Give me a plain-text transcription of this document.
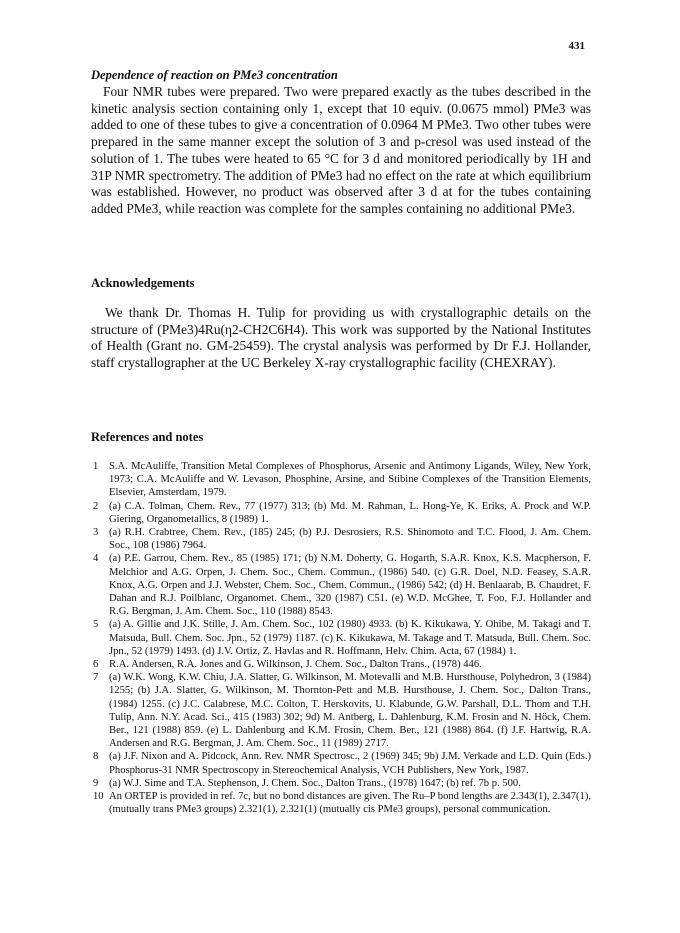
431
Dependence of reaction on PMe3 concentration

Four NMR tubes were prepared. Two were prepared exactly as the tubes described in the kinetic analysis section containing only 1, except that 10 equiv. (0.0675 mmol) PMe3 was added to one of these tubes to give a concentration of 0.0964 M PMe3. Two other tubes were prepared in the same manner except the solution of 3 and p-cresol was used instead of the solution of 1. The tubes were heated to 65 °C for 3 d and monitored periodically by 1H and 31P NMR spectrometry. The addition of PMe3 had no effect on the rate at which equilibrium was established. However, no product was observed after 3 d at for the tubes containing added PMe3, while reaction was complete for the samples containing no additional PMe3.

Acknowledgements

We thank Dr. Thomas H. Tulip for providing us with crystallographic details on the structure of (PMe3)4Ru(η2-CH2C6H4). This work was supported by the National Institutes of Health (Grant no. GM-25459). The crystal analysis was performed by Dr F.J. Hollander, staff crystallographer at the UC Berkeley X-ray crystallographic facility (CHEXRAY).

References and notes
1 S.A. McAuliffe, Transition Metal Complexes of Phosphorus, Arsenic and Antimony Ligands, Wiley, New York, 1973; C.A. McAuliffe and W. Levason, Phosphine, Arsine, and Stibine Complexes of the Transition Elements, Elsevier, Amsterdam, 1979.
2 (a) C.A. Tolman, Chem. Rev., 77 (1977) 313; (b) Md. M. Rahman, L. Hong-Ye, K. Eriks, A. Prock and W.P. Giering, Organometallics, 8 (1989) 1.
3 (a) R.H. Crabtree, Chem. Rev., (185) 245; (b) P.J. Desrosiers, R.S. Shinomoto and T.C. Flood, J. Am. Chem. Soc., 108 (1986) 7964.
4 (a) P.E. Garrou, Chem. Rev., 85 (1985) 171; (b) N.M. Doherty, G. Hogarth, S.A.R. Knox, K.S. Macpherson, F. Melchior and A.G. Orpen, J. Chem. Soc., Chem. Commun., (1986) 540. (c) G.R. Doel, N.D. Feasey, S.A.R. Knox, A.G. Orpen and J.J. Webster, Chem. Soc., Chem. Commun., (1986) 542; (d) H. Benlaarab, B. Chaudret, F. Dahan and R.J. Poilblanc, Organomet. Chem., 320 (1987) C51. (e) W.D. McGhee, T. Foo, F.J. Hollander and R.G. Bergman, J. Am. Chem. Soc., 110 (1988) 8543.
5 (a) A. Gillie and J.K. Stille, J. Am. Chem. Soc., 102 (1980) 4933. (b) K. Kikukawa, Y. Ohibe, M. Takagi and T. Matsuda, Bull. Chem. Soc. Jpn., 52 (1979) 1187. (c) K. Kikukawa, M. Takage and T. Matsuda, Bull. Chem. Soc. Jpn., 52 (1979) 1493. (d) J.V. Ortiz, Z. Havlas and R. Hoffmann, Helv. Chim. Acta, 67 (1984) 1.
6 R.A. Andersen, R.A. Jones and G. Wilkinson, J. Chem. Soc., Dalton Trans., (1978) 446.
7 (a) W.K. Wong, K.W. Chiu, J.A. Slatter, G. Wilkinson, M. Motevalli and M.B. Hursthouse, Polyhedron, 3 (1984) 1255; (b) J.A. Slatter, G. Wilkinson, M. Thornton-Pett and M.B. Hursthouse, J. Chem. Soc., Dalton Trans., (1984) 1255. (c) J.C. Calabrese, M.C. Colton, T. Herskovits, U. Klabunde, G.W. Parshall, D.L. Thom and T.H. Tulip, Ann. N.Y. Acad. Sci., 415 (1983) 302; 9d) M. Antberg, L. Dahlenburg, K.M. Frosin and N. Höck, Chem. Ber., 121 (1988) 859. (e) L. Dahlenburg and K.M. Frosin, Chem. Ber., 121 (1988) 864. (f) J.F. Hartwig, R.A. Andersen and R.G. Bergman, J. Am. Chem. Soc., 11 (1989) 2717.
8 (a) J.F. Nixon and A. Pidcock, Ann. Rev. NMR Spectrosc., 2 (1969) 345; 9b) J.M. Verkade and L.D. Quin (Eds.) Phosphorus-31 NMR Spectroscopy in Stereochemical Analysis, VCH Publishers, New York, 1987.
9 (a) W.J. Sime and T.A. Stephenson, J. Chem. Soc., Dalton Trans., (1978) 1647; (b) ref. 7b p. 500.
10 An ORTEP is provided in ref. 7c, but no bond distances are given. The Ru–P bond lengths are 2.343(1), 2.347(1), (mutually trans PMe3 groups) 2.321(1), 2.321(1) (mutually cis PMe3 groups), personal communication.
